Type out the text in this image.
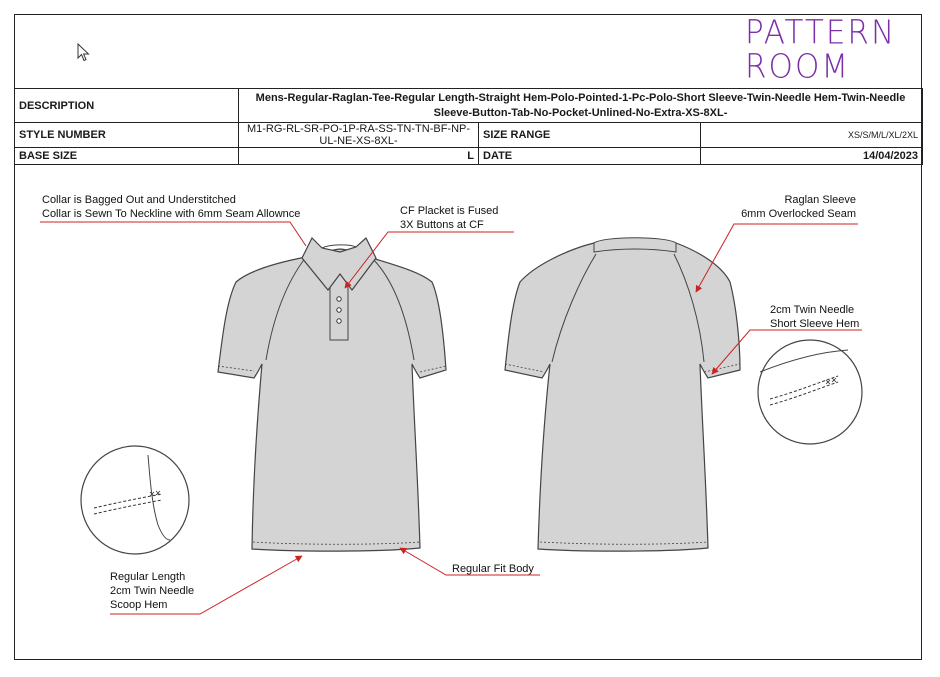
PATTERN
ROOM
DESCRIPTION	Mens-Regular-Raglan-Tee-Regular Length-Straight Hem-Polo-Pointed-1-Pc-Polo-Short Sleeve-Twin-Needle Hem-Twin-Needle Sleeve-Button-Tab-No-Pocket-Unlined-No-Extra-XS-8XL-		
STYLE NUMBER	M1-RG-RL-SR-PO-1P-RA-SS-TN-TN-BF-NP-UL-NE-XS-8XL-	SIZE RANGE	XS/S/M/L/XL/2XL
BASE SIZE	L	DATE	14/04/2023
Collar is Bagged Out and Understitched
Collar is Sewn To Neckline with 6mm Seam Allownce	CF Placket is Fused
3X Buttons at CF
Raglan Sleeve
6mm Overlocked Seam
2cm Twin Needle
Short Sleeve Hem
Regular Fit Body
Regular Length
2cm Twin Needle
Scoop Hem
